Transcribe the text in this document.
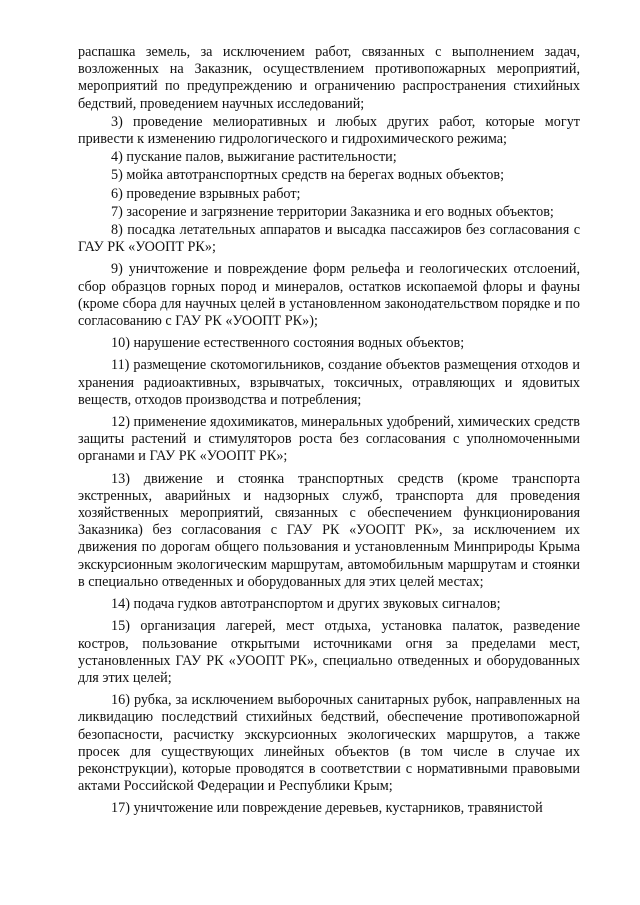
распашка земель, за исключением работ, связанных с выполнением задач, возложенных на Заказник, осуществлением противопожарных мероприятий, мероприятий по предупреждению и ограничению распространения стихийных бедствий, проведением научных исследований;

3) проведение мелиоративных и любых других работ, которые могут привести к изменению гидрологического и гидрохимического режима;

4) пускание палов, выжигание растительности;

5) мойка автотранспортных средств на берегах водных объектов;

6) проведение взрывных работ;

7) засорение и загрязнение территории Заказника и его водных объектов;

8) посадка летательных аппаратов и высадка пассажиров без согласования с ГАУ РК «УООПТ РК»;

9) уничтожение и повреждение форм рельефа и геологических отслоений, сбор образцов горных пород и минералов, остатков ископаемой флоры и фауны (кроме сбора для научных целей в установленном законодательством порядке и по согласованию с ГАУ РК «УООПТ РК»);

10) нарушение естественного состояния водных объектов;

11) размещение скотомогильников, создание объектов размещения отходов и хранения радиоактивных, взрывчатых, токсичных, отравляющих и ядовитых веществ, отходов производства и потребления;

12) применение ядохимикатов, минеральных удобрений, химических средств защиты растений и стимуляторов роста без согласования с уполномоченными органами и ГАУ РК «УООПТ РК»;

13) движение и стоянка транспортных средств (кроме транспорта экстренных, аварийных и надзорных служб, транспорта для проведения хозяйственных мероприятий, связанных с обеспечением функционирования Заказника) без согласования с ГАУ РК «УООПТ РК», за исключением их движения по дорогам общего пользования и установленным Минприроды Крыма экскурсионным экологическим маршрутам, автомобильным маршрутам и стоянки в специально отведенных и оборудованных для этих целей местах;

14) подача гудков автотранспортом и других звуковых сигналов;

15) организация лагерей, мест отдыха, установка палаток, разведение костров, пользование открытыми источниками огня за пределами мест, установленных ГАУ РК «УООПТ РК», специально отведенных и оборудованных для этих целей;

16) рубка, за исключением выборочных санитарных рубок, направленных на ликвидацию последствий стихийных бедствий, обеспечение противопожарной безопасности, расчистку экскурсионных экологических маршрутов, а также просек для существующих линейных объектов (в том числе в случае их реконструкции), которые проводятся в соответствии с нормативными правовыми актами Российской Федерации и Республики Крым;

17) уничтожение или повреждение деревьев, кустарников, травянистой
